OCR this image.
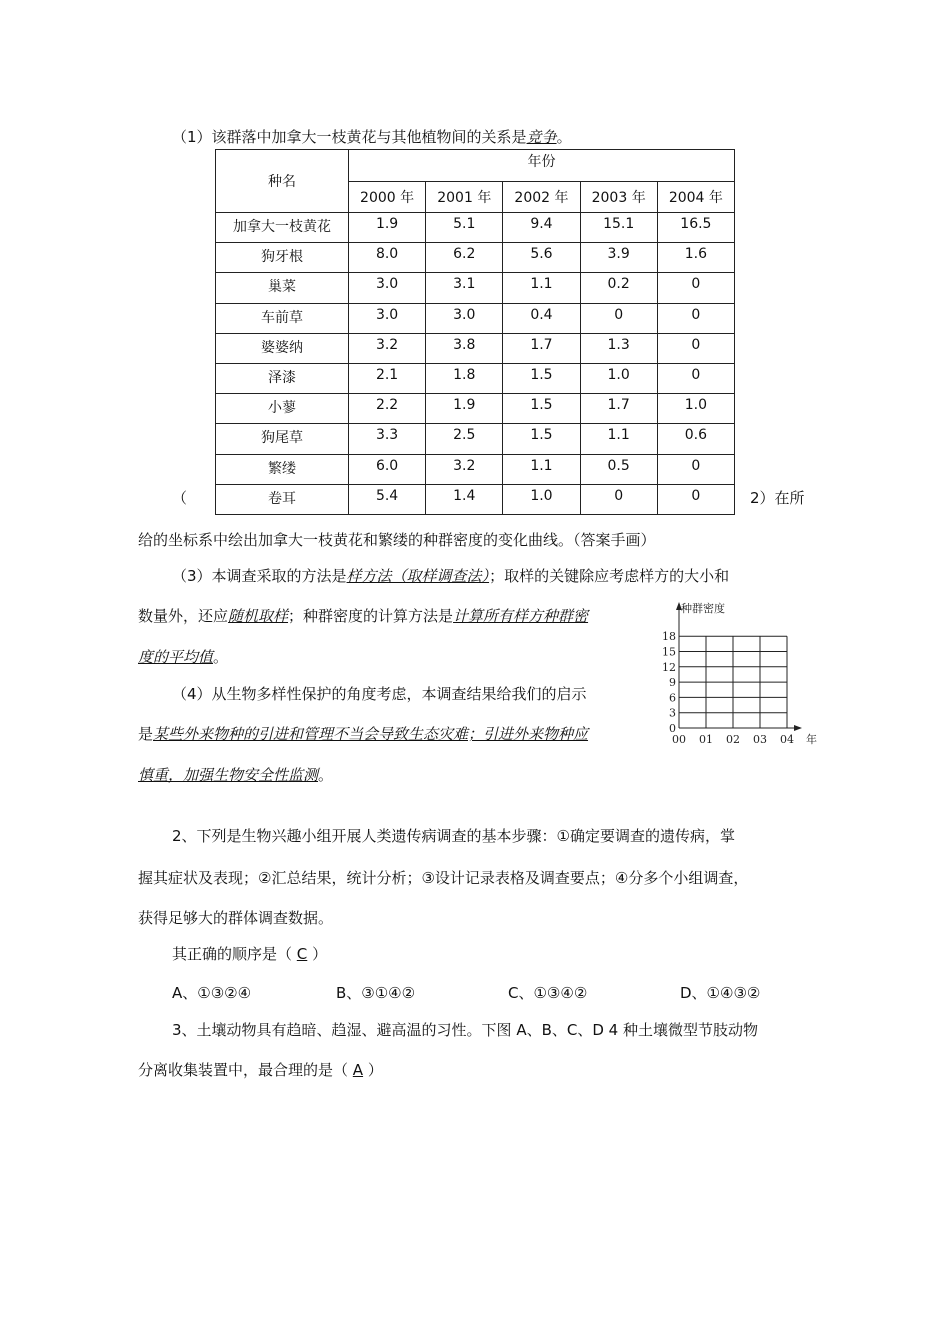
（1）该群落中加拿大一枝黄花与其他植物间的关系是竞争。
种名	年份				
	2000 年	2001 年	2002 年	2003 年	2004 年
加拿大一枝黄花	1.9	5.1	9.4	15.1	16.5
狗牙根	8.0	6.2	5.6	3.9	1.6
巢菜	3.0	3.1	1.1	0.2	0
车前草	3.0	3.0	0.4	0	0
婆婆纳	3.2	3.8	1.7	1.3	0
泽漆	2.1	1.8	1.5	1.0	0
小蓼	2.2	1.9	1.5	1.7	1.0
狗尾草	3.3	2.5	1.5	1.1	0.6
繁缕	6.0	3.2	1.1	0.5	0
卷耳	5.4	1.4	1.0	0	0
（	2）在所
给的坐标系中绘出加拿大一枝黄花和繁缕的种群密度的变化曲线。（答案手画）
（3）本调查采取的方法是样方法（取样调查法）；取样的关键除应考虑样方的大小和
数量外，还应随机取样；种群密度的计算方法是计算所有样方种群密
度的平均值。
（4）从生物多样性保护的角度考虑，本调查结果给我们的启示
是某些外来物种的引进和管理不当会导致生态灾难；引进外来物种应
慎重，加强生物安全性监测。
0
3
6
9
12
15
18
00 01 02 03 04
种群密度
年
2、下列是生物兴趣小组开展人类遗传病调查的基本步骤：①确定要调查的遗传病，掌
握其症状及表现；②汇总结果，统计分析；③设计记录表格及调查要点；④分多个小组调查，
获得足够大的群体调查数据。
其正确的顺序是（ C ）
A、①③②④	B、③①④②	C、①③④②	D、①④③②
3、土壤动物具有趋暗、趋湿、避高温的习性。下图 A、B、C、D 4 种土壤微型节肢动物
分离收集装置中，最合理的是（ A ）
